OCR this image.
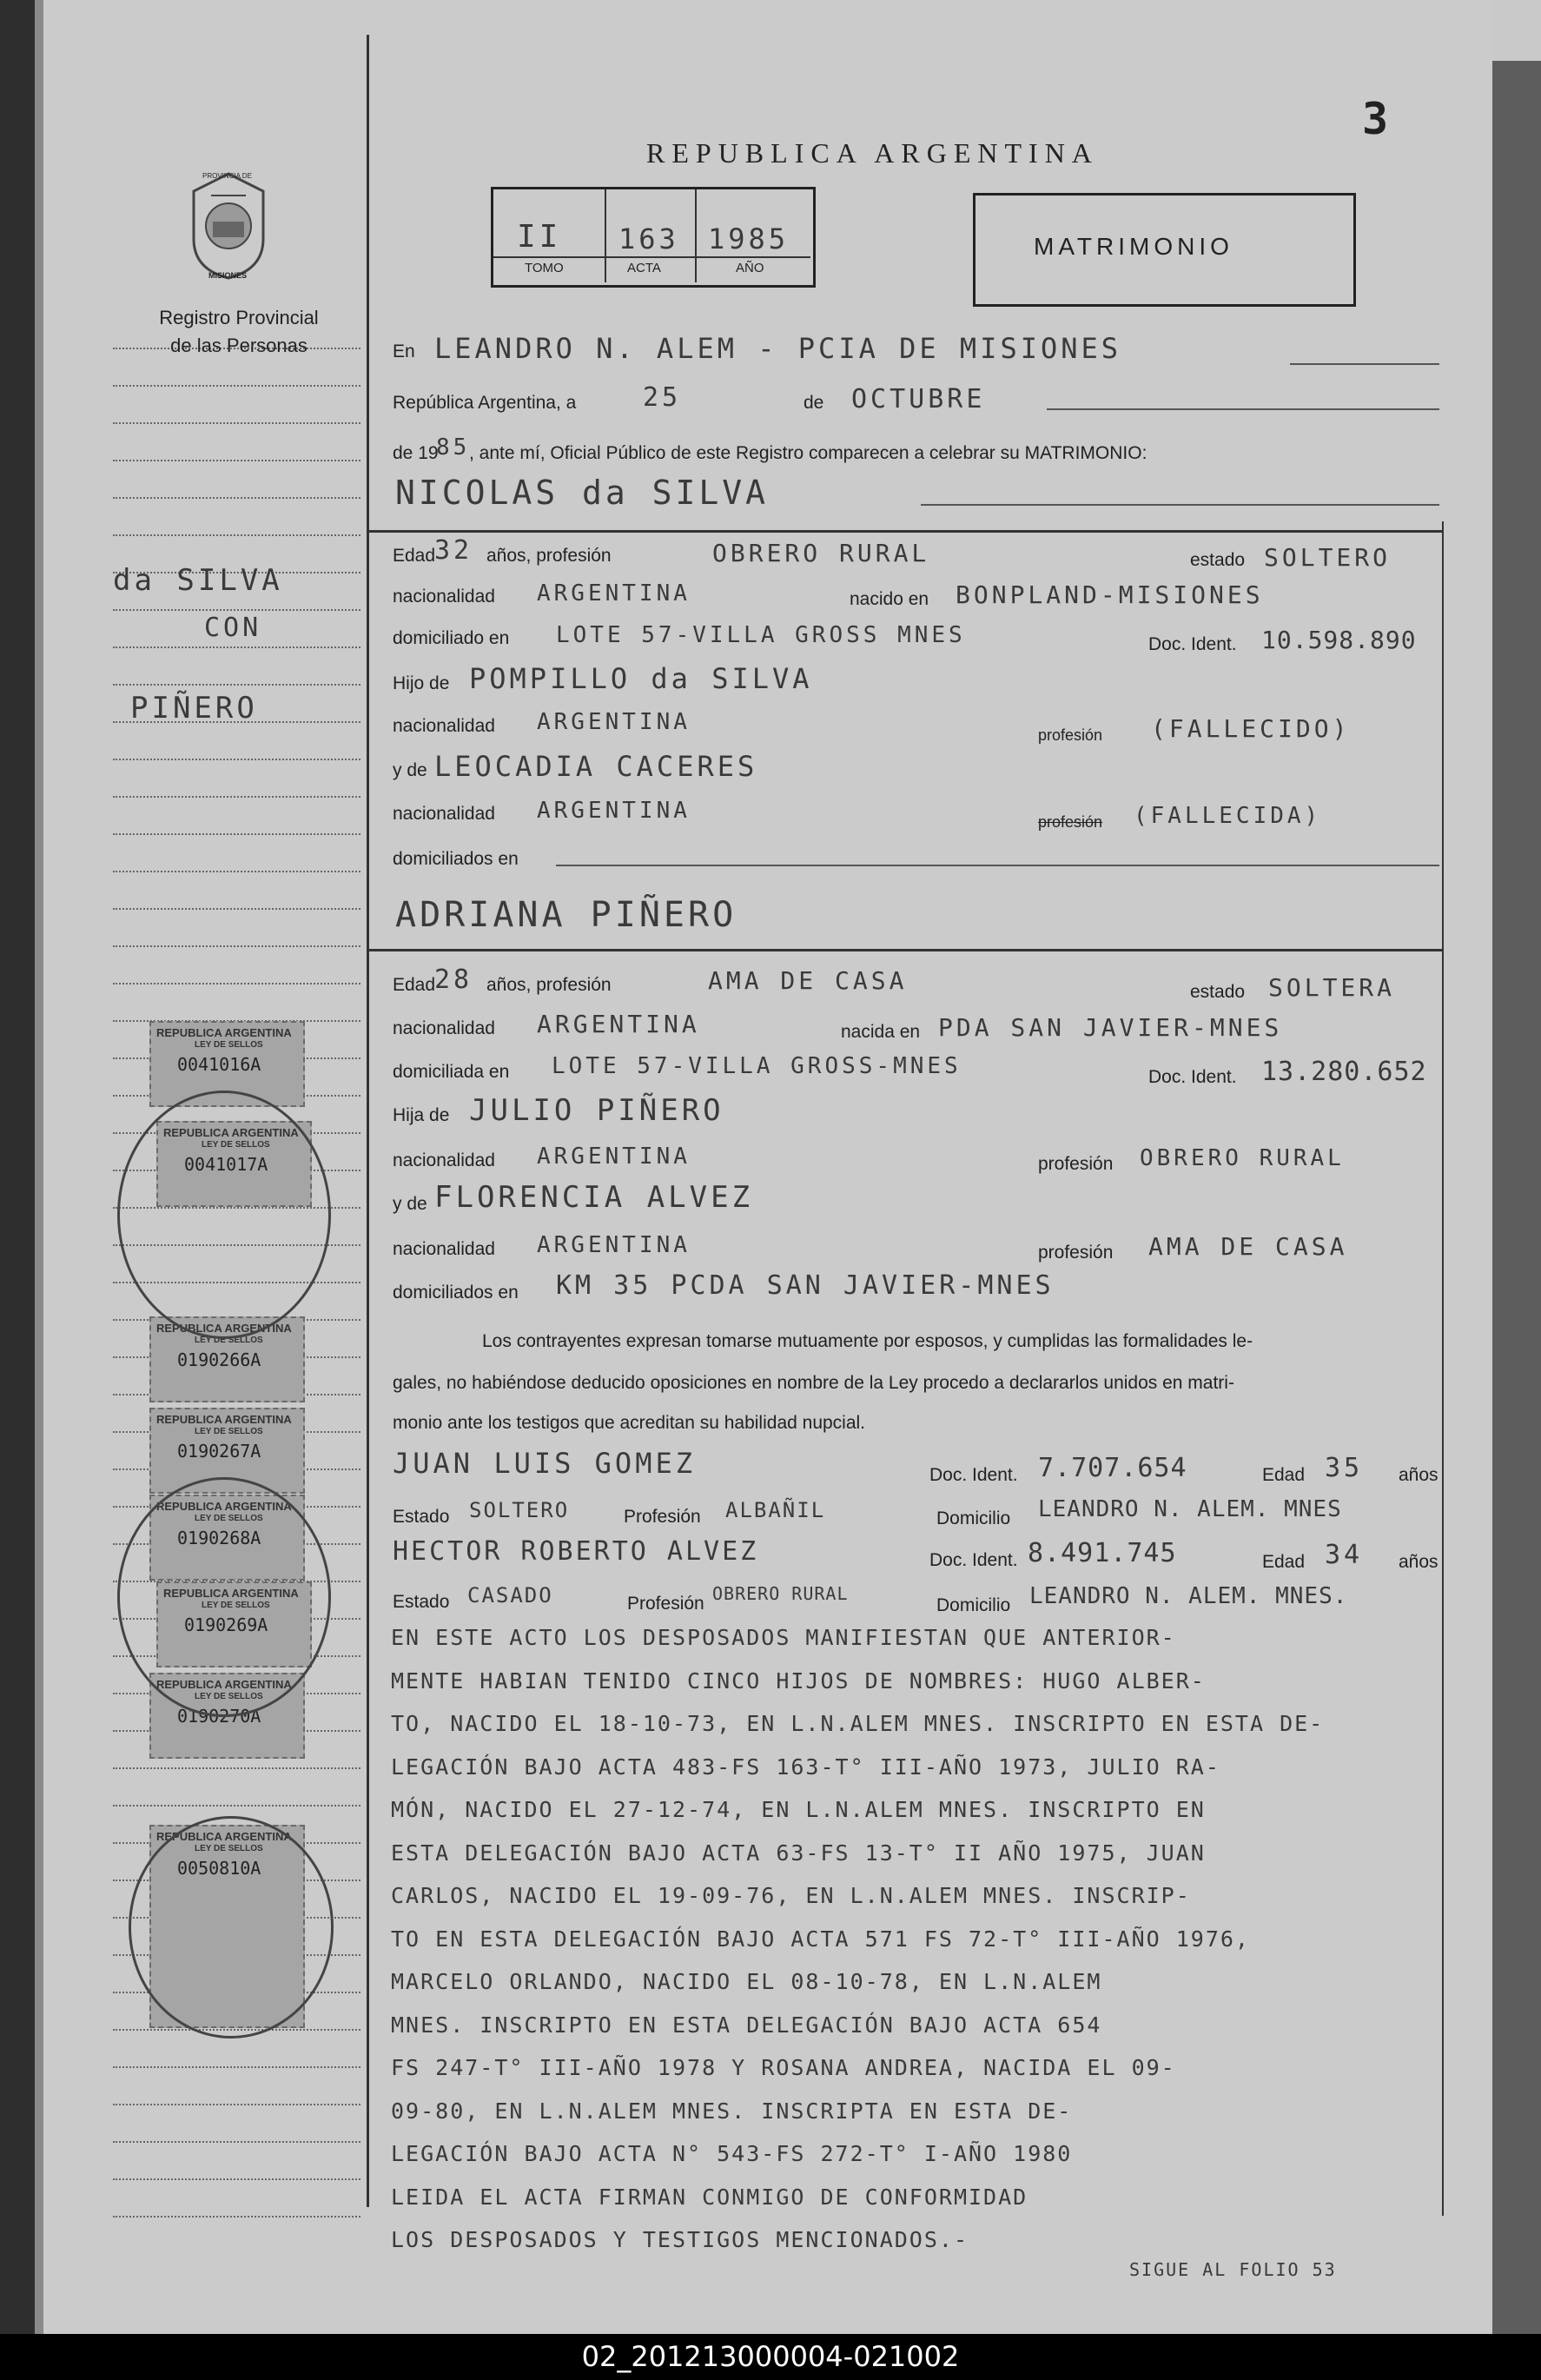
PROVINCIA DE
MISIONES
Registro Provincial
de las Personas
3
REPUBLICA ARGENTINA
II 163 1985
TOMO	ACTA	AÑO
MATRIMONIO
da SILVA
CON
PIÑERO
En LEANDRO N. ALEM - PCIA DE MISIONES
República Argentina, a	25	de OCTUBRE
de 19
85
, ante mí, Oficial Público de este Registro comparecen a celebrar su MATRIMONIO:
NICOLAS da SILVA
Edad
32 años, profesión	OBRERO RURAL	estado SOLTERO
nacionalidad ARGENTINA	nacido en BONPLAND-MISIONES
domiciliado en LOTE 57-VILLA GROSS MNES	Doc. Ident. 10.598.890
Hijo de POMPILLO da SILVA
nacionalidad ARGENTINA	profesión (FALLECIDO)
y de LEOCADIA CACERES
nacionalidad ARGENTINA	profesión (FALLECIDA)
domiciliados en
ADRIANA PIÑERO
Edad
28 años, profesión	AMA DE CASA	estado SOLTERA
nacionalidad ARGENTINA	nacida en PDA SAN JAVIER-MNES
domiciliada en LOTE 57-VILLA GROSS-MNES	Doc. Ident. 13.280.652
Hija de JULIO PIÑERO
nacionalidad ARGENTINA	profesión OBRERO RURAL
y de FLORENCIA ALVEZ
nacionalidad ARGENTINA	profesión AMA DE CASA
domiciliados en KM 35 PCDA SAN JAVIER-MNES
Los contrayentes expresan tomarse mutuamente por esposos, y cumplidas las formalidades le-
gales, no habiéndose deducido oposiciones en nombre de la Ley procedo a declararlos unidos en matri-
monio ante los testigos que acreditan su habilidad nupcial.
JUAN LUIS GOMEZ	Doc. Ident. 7.707.654	Edad 35 años
Estado SOLTERO	Profesión ALBAÑIL	Domicilio LEANDRO N. ALEM. MNES
HECTOR ROBERTO ALVEZ	Doc. Ident. 8.491.745	Edad 34 años
Estado CASADO	Profesión OBRERO RURAL
Domicilio LEANDRO N. ALEM. MNES.
EN ESTE ACTO LOS DESPOSADOS MANIFIESTAN QUE ANTERIOR-
MENTE HABIAN TENIDO CINCO HIJOS DE NOMBRES: HUGO ALBER-
TO, NACIDO EL 18-10-73, EN L.N.ALEM MNES. INSCRIPTO EN ESTA DE-
LEGACIÓN BAJO ACTA 483-FS 163-T° III-AÑO 1973, JULIO RA-
MÓN, NACIDO EL 27-12-74, EN L.N.ALEM MNES. INSCRIPTO EN
ESTA DELEGACIÓN BAJO ACTA 63-FS 13-T° II AÑO 1975, JUAN
CARLOS, NACIDO EL 19-09-76, EN L.N.ALEM MNES. INSCRIP-
TO EN ESTA DELEGACIÓN BAJO ACTA 571 FS 72-T° III-AÑO 1976,
MARCELO ORLANDO, NACIDO EL 08-10-78, EN L.N.ALEM
MNES. INSCRIPTO EN ESTA DELEGACIÓN BAJO ACTA 654
FS 247-T° III-AÑO 1978 Y ROSANA ANDREA, NACIDA EL 09-
09-80, EN L.N.ALEM MNES. INSCRIPTA EN ESTA DE-
LEGACIÓN BAJO ACTA N° 543-FS 272-T° I-AÑO 1980
LEIDA EL ACTA FIRMAN CONMIGO DE CONFORMIDAD
LOS DESPOSADOS Y TESTIGOS MENCIONADOS.-
SIGUE AL FOLIO 53
REPUBLICA ARGENTINA
LEY DE SELLOS
0041016A
REPUBLICA ARGENTINA
LEY DE SELLOS
0041017A
REPUBLICA ARGENTINA
LEY DE SELLOS
0190266A
REPUBLICA ARGENTINA
LEY DE SELLOS
0190267A
REPUBLICA ARGENTINA
LEY DE SELLOS
0190268A
REPUBLICA ARGENTINA
LEY DE SELLOS
0190269A
REPUBLICA ARGENTINA
LEY DE SELLOS
0190270A
REPUBLICA ARGENTINA
LEY DE SELLOS
0050810A
02_201213000004-021002
